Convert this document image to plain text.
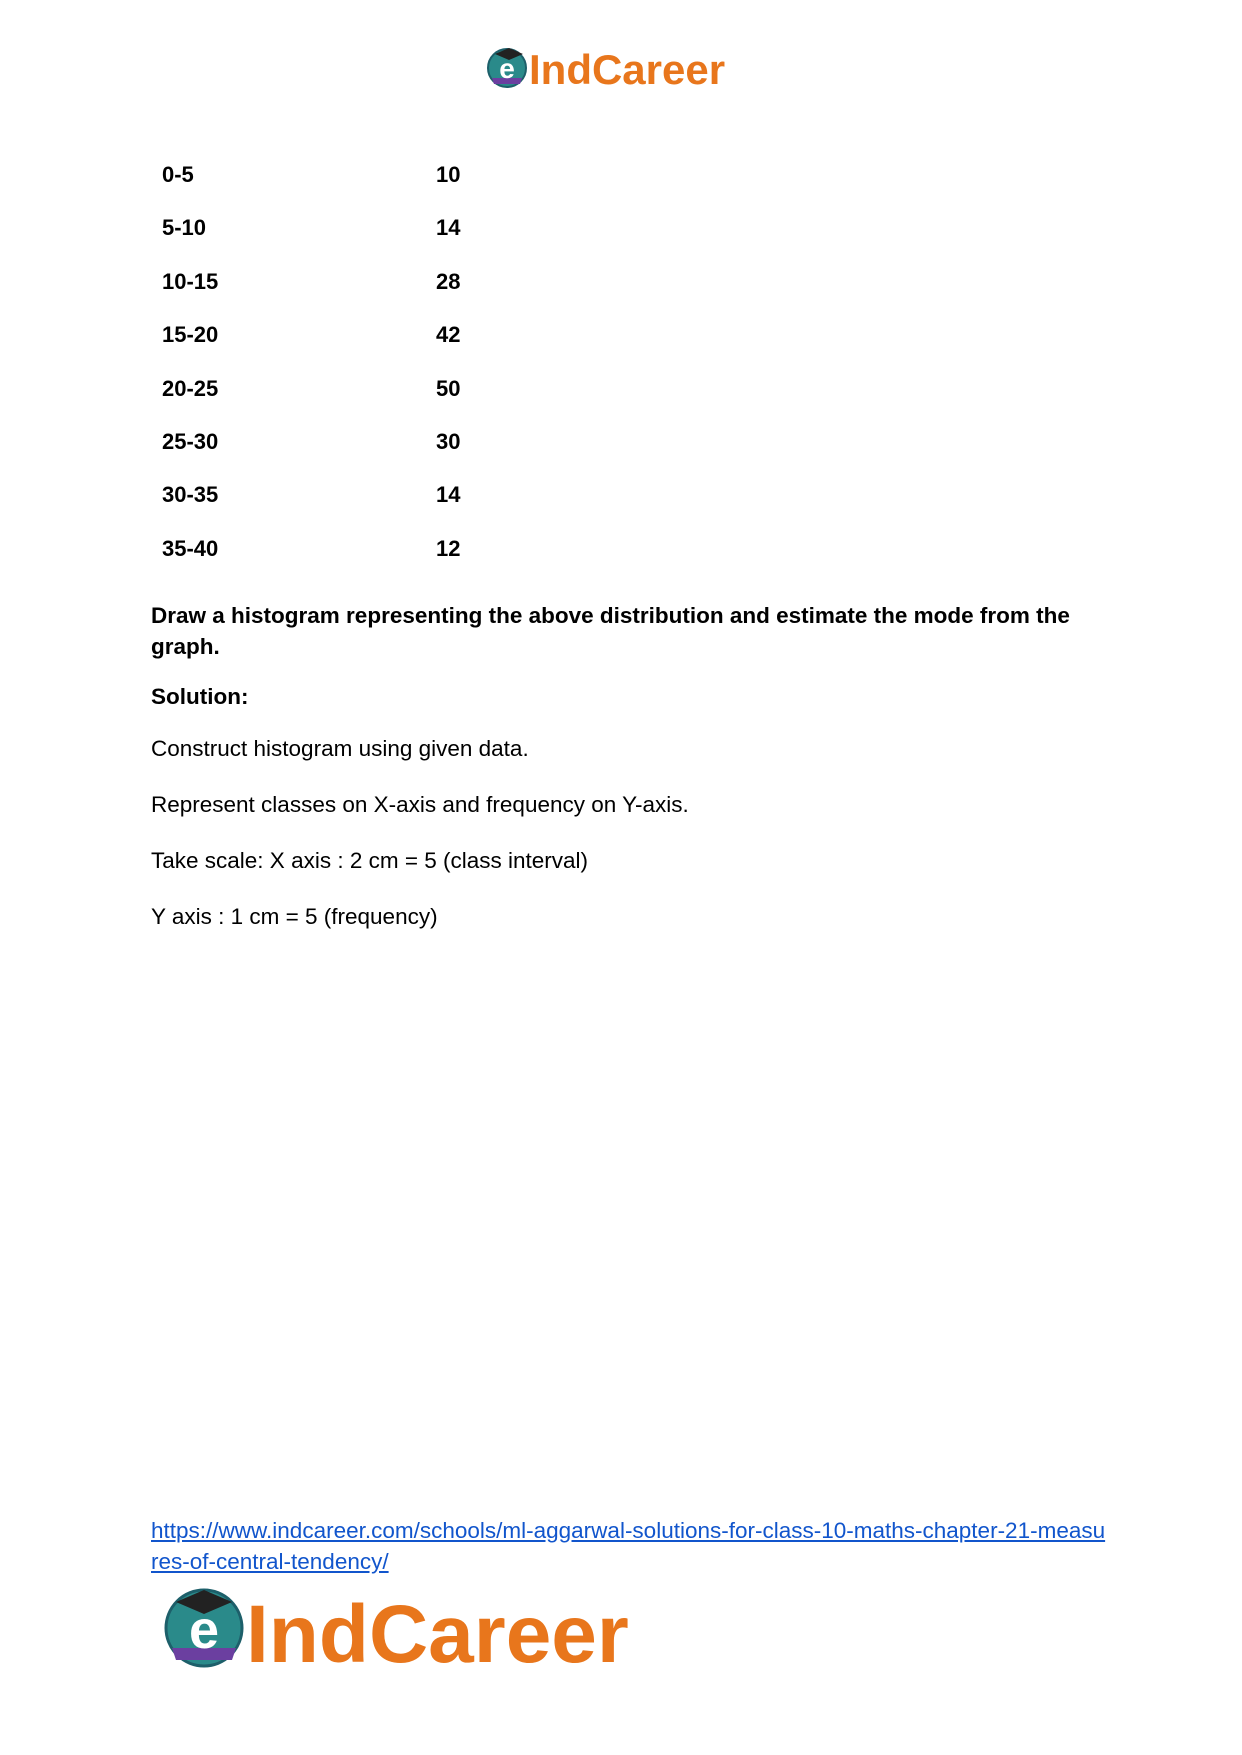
e IndCareer
0-5	10
5-10	14
10-15	28
15-20	42
20-25	50
25-30	30
30-35	14
35-40	12

Draw a histogram representing the above distribution and estimate the mode from the graph.

Solution:

Construct histogram using given data.

Represent classes on X-axis and frequency on Y-axis.

Take scale: X axis : 2 cm = 5 (class interval)

Y axis : 1 cm = 5 (frequency)

https://www.indcareer.com/schools/ml-aggarwal-solutions-for-class-10-maths-chapter-21-measures-of-central-tendency/
e IndCareer
